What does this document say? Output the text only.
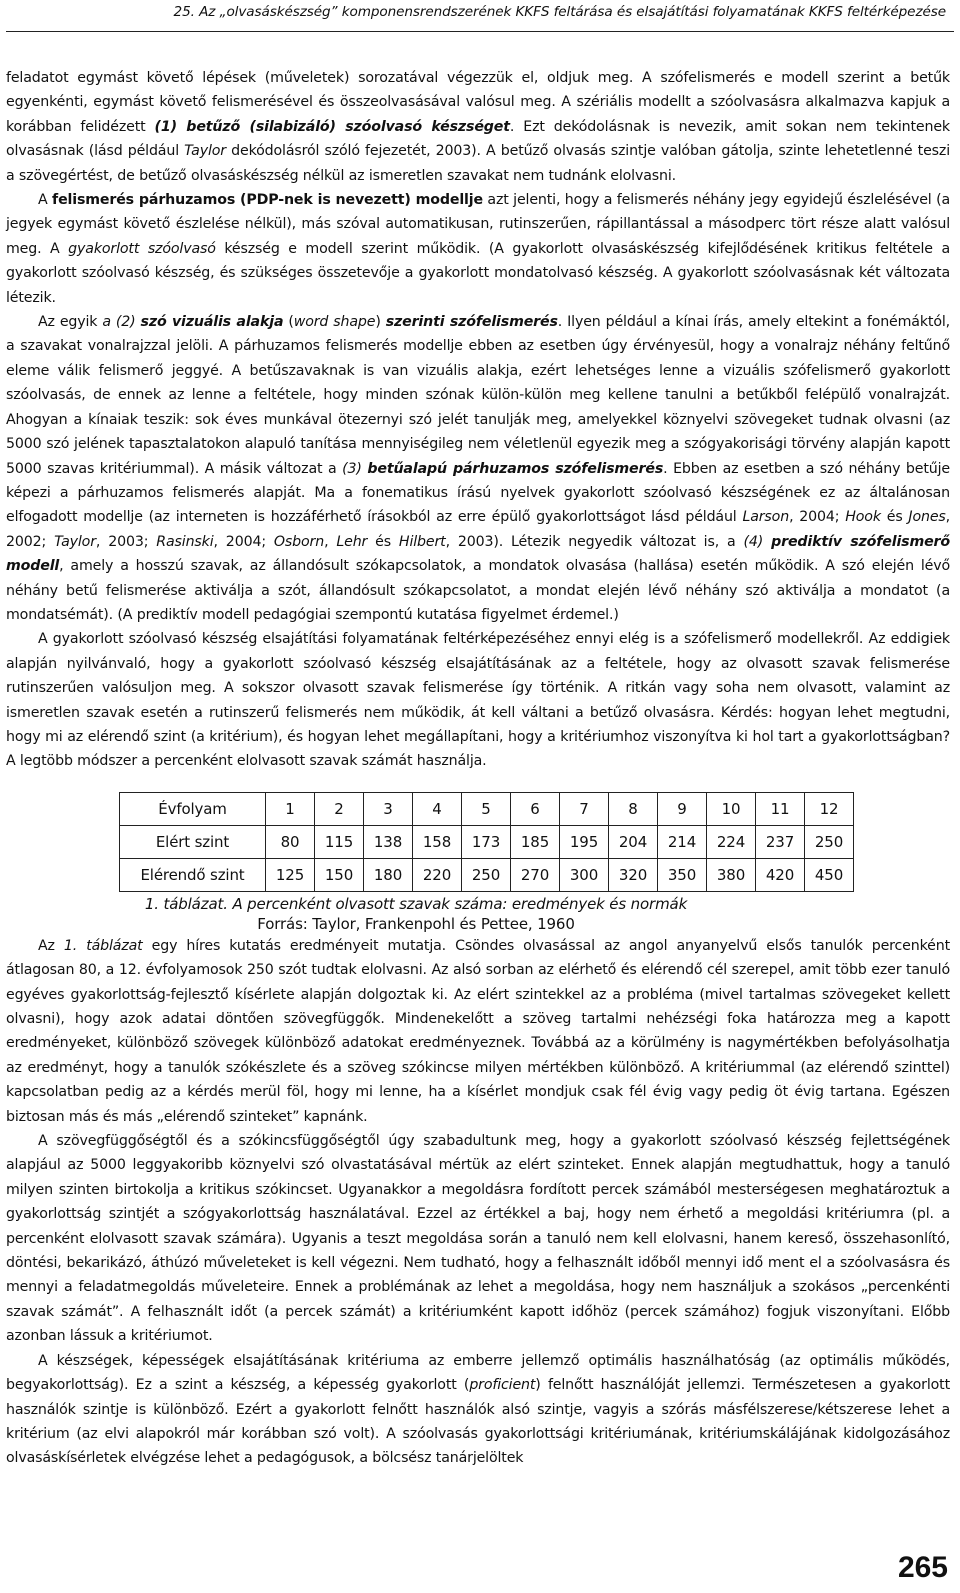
25. Az „olvasáskészség” komponensrendszerének KKFS feltárása és elsajátítási folyamatának KKFS feltérképezése

feladatot egymást követő lépések (műveletek) sorozatával végezzük el, oldjuk meg. A szófelismerés e modell szerint a betűk egyenkénti, egymást követő felismerésével és összeolvasásával valósul meg. A szériális modellt a szóolvasásra alkalmazva kapjuk a korábban felidézett (1) betűző (silabizáló) szóolvasó készséget. Ezt dekódolásnak is nevezik, amit sokan nem tekintenek olvasásnak (lásd például Taylor dekódolásról szóló fejezetét, 2003). A betűző olvasás szintje valóban gátolja, szinte lehetetlenné teszi a szövegértést, de betűző olvasáskészség nélkül az ismeretlen szavakat nem tudnánk elolvasni.

A felismerés párhuzamos (PDP-nek is nevezett) modellje azt jelenti, hogy a felismerés néhány jegy egyidejű észlelésével (a jegyek egymást követő észlelése nélkül), más szóval automatikusan, rutinszerűen, rápillantással a másodperc tört része alatt valósul meg. A gyakorlott szóolvasó készség e modell szerint működik. (A gyakorlott olvasáskészség kifejlődésének kritikus feltétele a gyakorlott szóolvasó készség, és szükséges összetevője a gyakorlott mondatolvasó készség. A gyakorlott szóolvasásnak két változata létezik.

Az egyik a (2) szó vizuális alakja (word shape) szerinti szófelismerés. Ilyen például a kínai írás, amely eltekint a fonémáktól, a szavakat vonalrajzzal jelöli. A párhuzamos felismerés modellje ebben az esetben úgy érvényesül, hogy a vonalrajz néhány feltűnő eleme válik felismerő jeggyé. A betűszavaknak is van vizuális alakja, ezért lehetséges lenne a vizuális szófelismerő gyakorlott szóolvasás, de ennek az lenne a feltétele, hogy minden szónak külön-külön meg kellene tanulni a betűkből felépülő vonalrajzát. Ahogyan a kínaiak teszik: sok éves munkával ötezernyi szó jelét tanulják meg, amelyekkel köznyelvi szövegeket tudnak olvasni (az 5000 szó jelének tapasztalatokon alapuló tanítása mennyiségileg nem véletlenül egyezik meg a szógyakorisági törvény alapján kapott 5000 szavas kritériummal). A másik változat a (3) betűalapú párhuzamos szófelismerés. Ebben az esetben a szó néhány betűje képezi a párhuzamos felismerés alapját. Ma a fonematikus írású nyelvek gyakorlott szóolvasó készségének ez az általánosan elfogadott modellje (az interneten is hozzáférhető írásokból az erre épülő gyakorlottságot lásd például Larson, 2004; Hook és Jones, 2002; Taylor, 2003; Rasinski, 2004; Osborn, Lehr és Hilbert, 2003). Létezik negyedik változat is, a (4) prediktív szófelismerő modell, amely a hosszú szavak, az állandósult szókapcsolatok, a mondatok olvasása (hallása) esetén működik. A szó elején lévő néhány betű felismerése aktiválja a szót, állandósult szókapcsolatot, a mondat elején lévő néhány szó aktiválja a mondatot (a mondatsémát). (A prediktív modell pedagógiai szempontú kutatása figyelmet érdemel.)

A gyakorlott szóolvasó készség elsajátítási folyamatának feltérképezéséhez ennyi elég is a szófelismerő modellekről. Az eddigiek alapján nyilvánvaló, hogy a gyakorlott szóolvasó készség elsajátításának az a feltétele, hogy az olvasott szavak felismerése rutinszerűen valósuljon meg. A sokszor olvasott szavak felismerése így történik. A ritkán vagy soha nem olvasott, valamint az ismeretlen szavak esetén a rutinszerű felismerés nem működik, át kell váltani a betűző olvasásra. Kérdés: hogyan lehet megtudni, hogy mi az elérendő szint (a kritérium), és hogyan lehet megállapítani, hogy a kritériumhoz viszonyítva ki hol tart a gyakorlottságban? A legtöbb módszer a percenként elolvasott szavak számát használja.

Évfolyam	1	2	3	4	5	6	7	8	9	10	11	12
Elért szint	80	115	138	158	173	185	195	204	214	224	237	250
Elérendő szint	125	150	180	220	250	270	300	320	350	380	420	450
1. táblázat. A percenként olvasott szavak száma: eredmények és normák
Forrás: Taylor, Frankenpohl és Pettee, 1960

Az 1. táblázat egy híres kutatás eredményeit mutatja. Csöndes olvasással az angol anyanyelvű elsős tanulók percenként átlagosan 80, a 12. évfolyamosok 250 szót tudtak elolvasni. Az alsó sorban az elérhető és elérendő cél szerepel, amit több ezer tanuló egyéves gyakorlottság-fejlesztő kísérlete alapján dolgoztak ki. Az elért szintekkel az a probléma (mivel tartalmas szövegeket kellett olvasni), hogy azok adatai döntően szövegfüggők. Mindenekelőtt a szöveg tartalmi nehézségi foka határozza meg a kapott eredményeket, különböző szövegek különböző adatokat eredményeznek. Továbbá az a körülmény is nagymértékben befolyásolhatja az eredményt, hogy a tanulók szókészlete és a szöveg szókincse milyen mértékben különböző. A kritériummal (az elérendő szinttel) kapcsolatban pedig az a kérdés merül föl, hogy mi lenne, ha a kísérlet mondjuk csak fél évig vagy pedig öt évig tartana. Egészen biztosan más és más „elérendő szinteket” kapnánk.

A szövegfüggőségtől és a szókincsfüggőségtől úgy szabadultunk meg, hogy a gyakorlott szóolvasó készség fejlettségének alapjául az 5000 leggyakoribb köznyelvi szó olvastatásával mértük az elért szinteket. Ennek alapján megtudhattuk, hogy a tanuló milyen szinten birtokolja a kritikus szókincset. Ugyanakkor a megoldásra fordított percek számából mesterségesen meghatároztuk a gyakorlottság szintjét a szógyakorlottság használatával. Ezzel az értékkel a baj, hogy nem érhető a megoldási kritériumra (pl. a percenként elolvasott szavak számára). Ugyanis a teszt megoldása során a tanuló nem kell elolvasni, hanem kereső, összehasonlító, döntési, bekarikázó, áthúzó műveleteket is kell végezni. Nem tudható, hogy a felhasznált időből mennyi idő ment el a szóolvasásra és mennyi a feladatmegoldás műveleteire. Ennek a problémának az lehet a megoldása, hogy nem használjuk a szokásos „percenkénti szavak számát”. A felhasznált időt (a percek számát) a kritériumként kapott időhöz (percek számához) fogjuk viszonyítani. Előbb azonban lássuk a kritériumot.

A készségek, képességek elsajátításának kritériuma az emberre jellemző optimális használhatóság (az optimális működés, begyakorlottság). Ez a szint a készség, a képesség gyakorlott (proficient) felnőtt használóját jellemzi. Természetesen a gyakorlott használók szintje is különböző. Ezért a gyakorlott felnőtt használók alsó szintje, vagyis a szórás másfélszerese/kétszerese lehet a kritérium (az elvi alapokról már korábban szó volt). A szóolvasás gyakorlottsági kritériumának, kritériumskálájának kidolgozásához olvasáskísérletek elvégzése lehet a pedagógusok, a bölcsész tanárjelöltek

265
